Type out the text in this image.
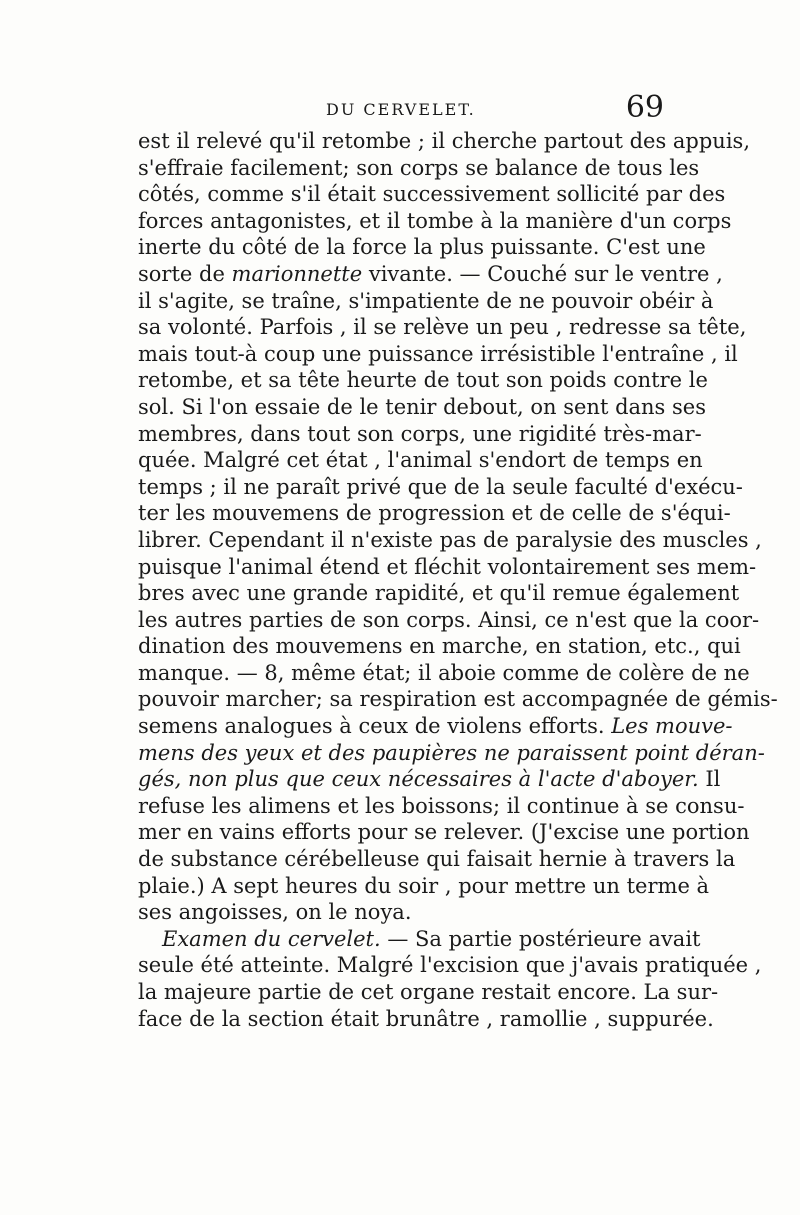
DU CERVELET.	69
est il relevé qu'il retombe ; il cherche partout des appuis,
s'effraie facilement; son corps se balance de tous les
côtés, comme s'il était successivement sollicité par des
forces antagonistes, et il tombe à la manière d'un corps
inerte du côté de la force la plus puissante. C'est une
sorte de marionnette vivante. — Couché sur le ventre ,
il s'agite, se traîne, s'impatiente de ne pouvoir obéir à
sa volonté. Parfois , il se relève un peu , redresse sa tête,
mais tout-à coup une puissance irrésistible l'entraîne , il
retombe, et sa tête heurte de tout son poids contre le
sol. Si l'on essaie de le tenir debout, on sent dans ses
membres, dans tout son corps, une rigidité très-mar-
quée. Malgré cet état , l'animal s'endort de temps en
temps ; il ne paraît privé que de la seule faculté d'exécu-
ter les mouvemens de progression et de celle de s'équi-
librer. Cependant il n'existe pas de paralysie des muscles ,
puisque l'animal étend et fléchit volontairement ses mem-
bres avec une grande rapidité, et qu'il remue également
les autres parties de son corps. Ainsi, ce n'est que la coor-
dination des mouvemens en marche, en station, etc., qui
manque. — 8, même état; il aboie comme de colère de ne
pouvoir marcher; sa respiration est accompagnée de gémis-
semens analogues à ceux de violens efforts. Les mouve-
mens des yeux et des paupières ne paraissent point déran-
gés, non plus que ceux nécessaires à l'acte d'aboyer. Il
refuse les alimens et les boissons; il continue à se consu-
mer en vains efforts pour se relever. (J'excise une portion
de substance cérébelleuse qui faisait hernie à travers la
plaie.) A sept heures du soir , pour mettre un terme à
ses angoisses, on le noya.
Examen du cervelet. — Sa partie postérieure avait
seule été atteinte. Malgré l'excision que j'avais pratiquée ,
la majeure partie de cet organe restait encore. La sur-
face de la section était brunâtre , ramollie , suppurée.
